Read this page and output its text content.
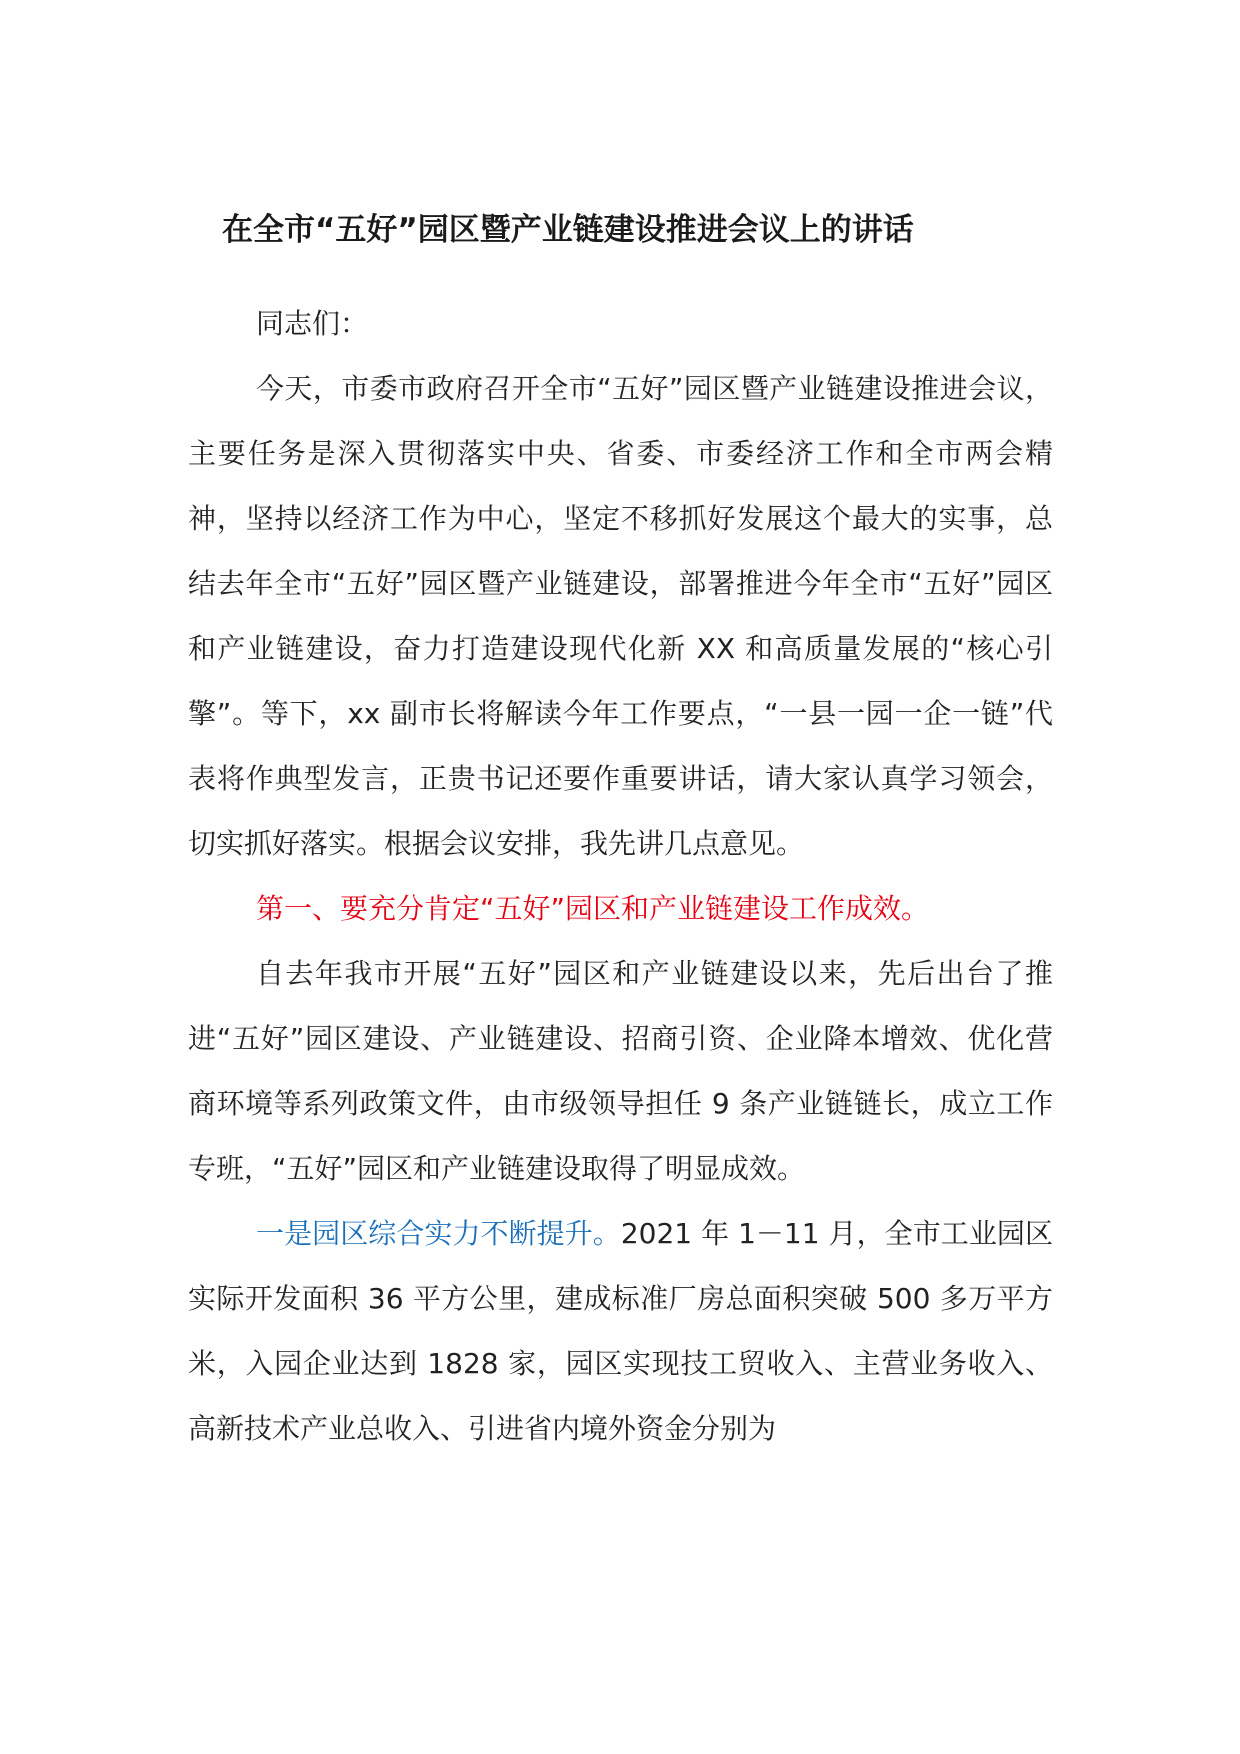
在全市“五好”园区暨产业链建设推进会议上的讲话

同志们：

今天，市委市政府召开全市“五好”园区暨产业链建设推进会议，主要任务是深入贯彻落实中央、省委、市委经济工作和全市两会精神，坚持以经济工作为中心，坚定不移抓好发展这个最大的实事，总结去年全市“五好”园区暨产业链建设，部署推进今年全市“五好”园区和产业链建设，奋力打造建设现代化新 XX 和高质量发展的“核心引擎”。等下，xx 副市长将解读今年工作要点，“一县一园一企一链”代表将作典型发言，正贵书记还要作重要讲话，请大家认真学习领会，切实抓好落实。根据会议安排，我先讲几点意见。

第一、要充分肯定“五好”园区和产业链建设工作成效。

自去年我市开展“五好”园区和产业链建设以来，先后出台了推进“五好”园区建设、产业链建设、招商引资、企业降本增效、优化营商环境等系列政策文件，由市级领导担任 9 条产业链链长，成立工作专班，“五好”园区和产业链建设取得了明显成效。

一是园区综合实力不断提升。2021 年 1－11 月，全市工业园区实际开发面积 36 平方公里，建成标准厂房总面积突破 500 多万平方米，入园企业达到 1828 家，园区实现技工贸收入、主营业务收入、高新技术产业总收入、引进省内境外资金分别为
